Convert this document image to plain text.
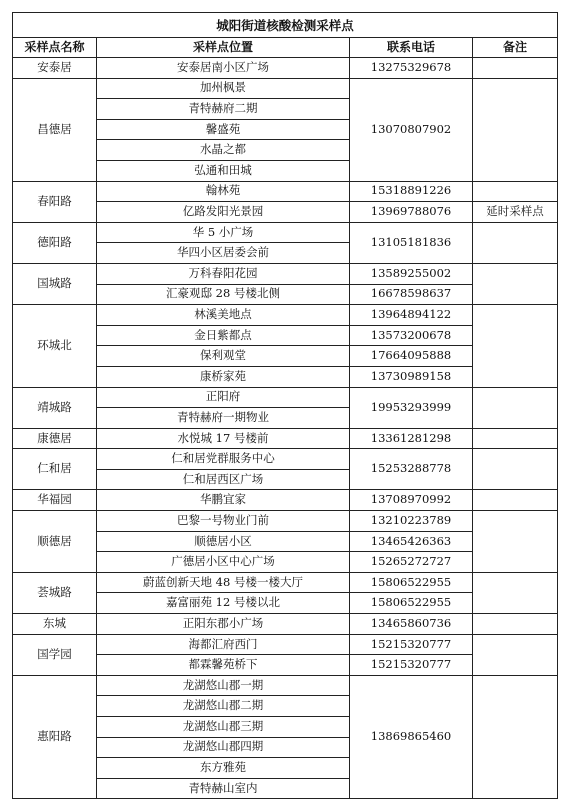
城阳街道核酸检测采样点			
采样点名称	采样点位置	联系电话	备注
安泰居	安泰居南小区广场	13275329678	
昌德居	加州枫景	13070807902	
	青特赫府二期		
	馨盛苑		
	水晶之都		
	弘通和田城		
春阳路	翰林苑	15318891226	
	亿路发阳光景园	13969788076	延时采样点
德阳路	华 5 小广场	13105181836	
	华四小区居委会前		
国城路	万科春阳花园	13589255002	
	汇豪观邸 28 号楼北侧	16678598637	
环城北	林溪美地点	13964894122	
	金日紫都点	13573200678	
	保利观堂	17664095888	
	康桥家苑	13730989158	
靖城路	正阳府	19953293999	
	青特赫府一期物业		
康德居	水悦城 17 号楼前	13361281298	
仁和居	仁和居党群服务中心	15253288778	
	仁和居西区广场		
华福园	华鹏宜家	13708970992	
顺德居	巴黎一号物业门前	13210223789	
	顺德居小区	13465426363	
	广德居小区中心广场	15265272727	
荟城路	蔚蓝创新天地 48 号楼一楼大厅	15806522955	
	嘉富丽苑 12 号楼以北	15806522955	
东城	正阳东郡小广场	13465860736	
国学园	海都汇府西门	15215320777	
	都霖馨苑桥下	15215320777	
惠阳路	龙湖悠山郡一期	13869865460	
	龙湖悠山郡二期		
	龙湖悠山郡三期		
	龙湖悠山郡四期		
	东方雅苑		
	青特赫山室内		
